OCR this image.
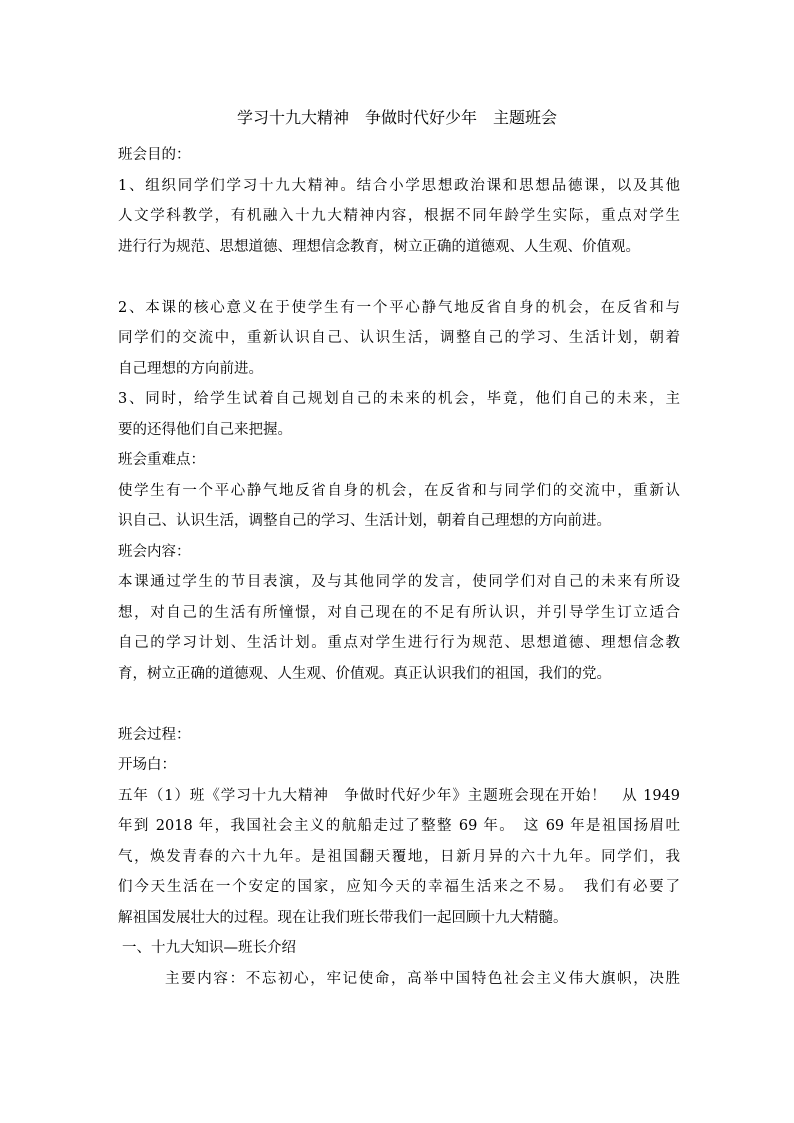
学习十九大精神　争做时代好少年　主题班会
班会目的：
1、组织同学们学习十九大精神。结合小学思想政治课和思想品德课，以及其他
人文学科教学，有机融入十九大精神内容，根据不同年龄学生实际，重点对学生
进行行为规范、思想道德、理想信念教育，树立正确的道德观、人生观、价值观。
2、本课的核心意义在于使学生有一个平心静气地反省自身的机会，在反省和与
同学们的交流中，重新认识自己、认识生活，调整自己的学习、生活计划，朝着
自己理想的方向前进。
3、同时，给学生试着自己规划自己的未来的机会，毕竟，他们自己的未来，主
要的还得他们自己来把握。
班会重难点：
使学生有一个平心静气地反省自身的机会，在反省和与同学们的交流中，重新认
识自己、认识生活，调整自己的学习、生活计划，朝着自己理想的方向前进。
班会内容：
本课通过学生的节目表演，及与其他同学的发言，使同学们对自己的未来有所设
想，对自己的生活有所憧憬，对自己现在的不足有所认识，并引导学生订立适合
自己的学习计划、生活计划。重点对学生进行行为规范、思想道德、理想信念教
育，树立正确的道德观、人生观、价值观。真正认识我们的祖国，我们的党。
班会过程：
开场白：
五年（1）班《学习十九大精神　争做时代好少年》主题班会现在开始！　从 1949
年到 2018 年，我国社会主义的航船走过了整整 69 年。　这 69 年是祖国扬眉吐
气，焕发青春的六十九年。是祖国翻天覆地，日新月异的六十九年。同学们，我
们今天生活在一个安定的国家，应知今天的幸福生活来之不易。　我们有必要了
解祖国发展壮大的过程。现在让我们班长带我们一起回顾十九大精髓。
一、十九大知识—班长介绍
主要内容：不忘初心，牢记使命，高举中国特色社会主义伟大旗帜，决胜
